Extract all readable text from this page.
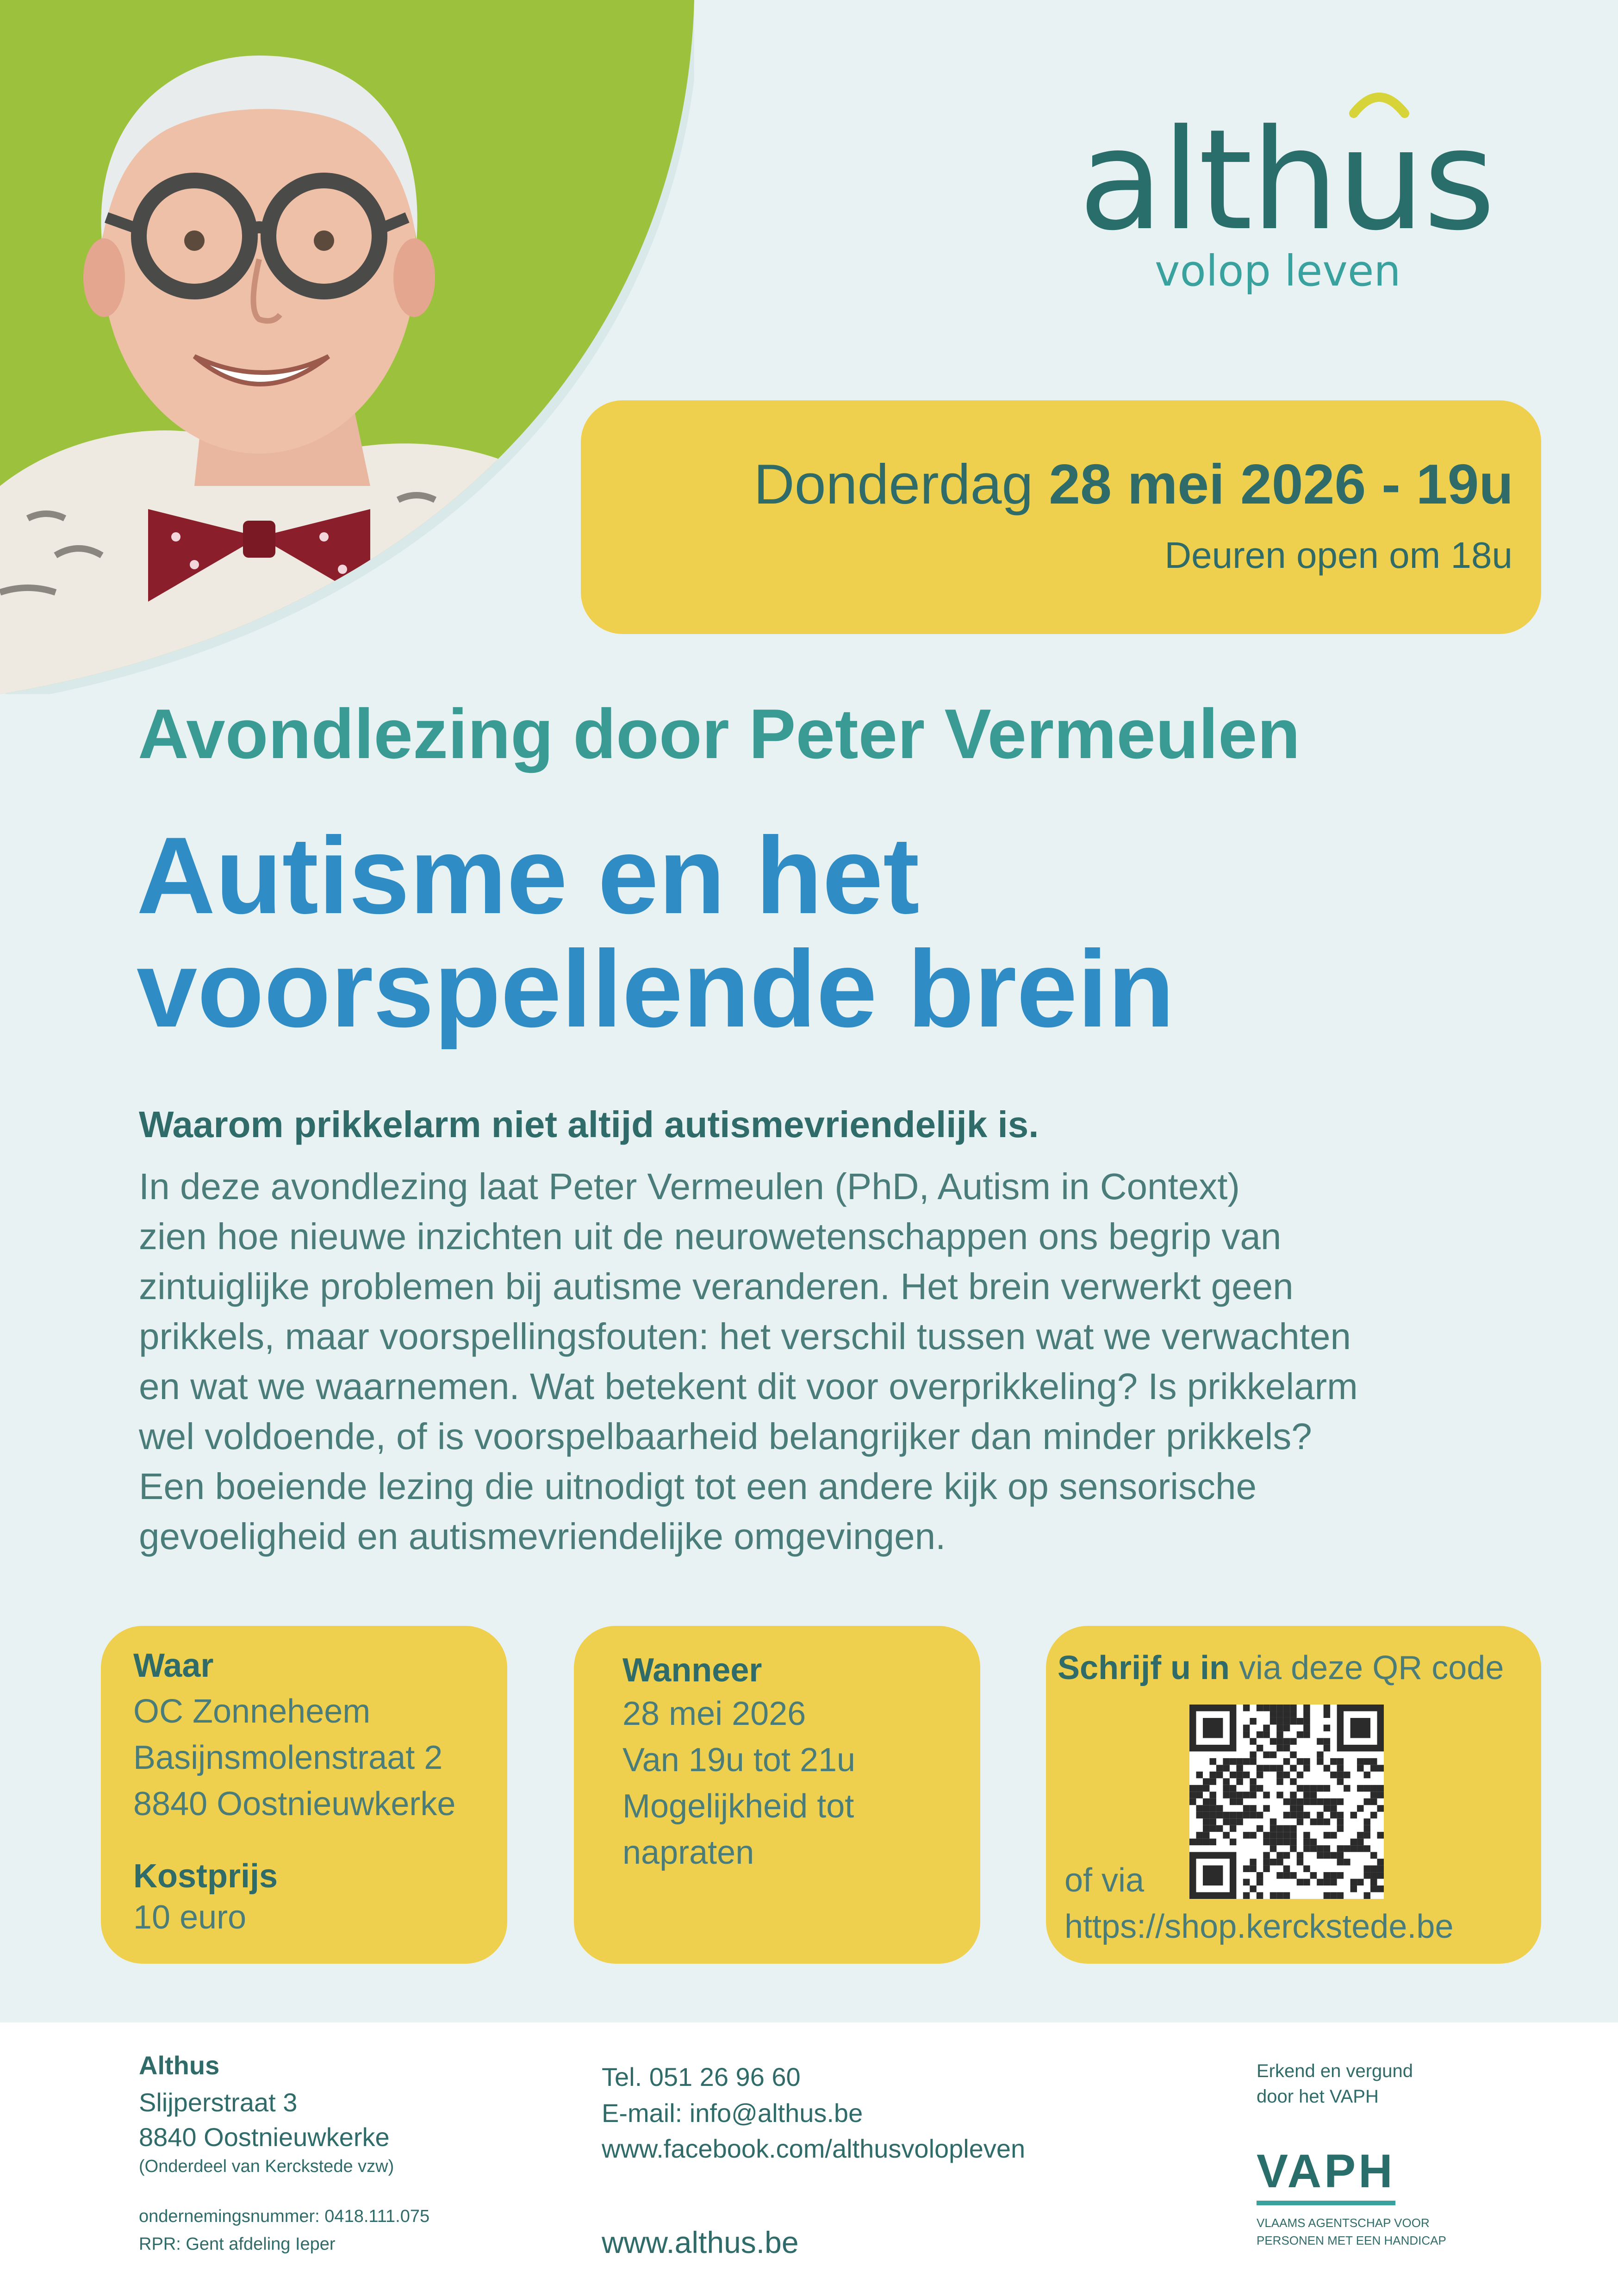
althus
volop leven
Donderdag 28 mei 2026 - 19u
Deuren open om 18u
Avondlezing door Peter Vermeulen
Autisme en het
voorspellende brein
Waarom prikkelarm niet altijd autismevriendelijk is.
In deze avondlezing laat Peter Vermeulen (PhD, Autism in Context)
zien hoe nieuwe inzichten uit de neurowetenschappen ons begrip van
zintuiglijke problemen bij autisme veranderen. Het brein verwerkt geen
prikkels, maar voorspellingsfouten: het verschil tussen wat we verwachten
en wat we waarnemen. Wat betekent dit voor overprikkeling? Is prikkelarm
wel voldoende, of is voorspelbaarheid belangrijker dan minder prikkels?
Een boeiende lezing die uitnodigt tot een andere kijk op sensorische
gevoeligheid en autismevriendelijke omgevingen.
Waar
OC Zonneheem
Basijnsmolenstraat 2
8840 Oostnieuwkerke
Kostprijs
10 euro
Wanneer
28 mei 2026
Van 19u tot 21u
Mogelijkheid tot
napraten
Schrijf u in via deze QR code
of via
https://shop.kerckstede.be
Althus
Slijperstraat 3
8840 Oostnieuwkerke
(Onderdeel van Kerckstede vzw)
ondernemingsnummer: 0418.111.075
RPR: Gent afdeling Ieper
Tel. 051 26 96 60
E-mail: info@althus.be
www.facebook.com/althusvolopleven
www.althus.be
Erkend en vergund
door het VAPH
VAPH
VLAAMS AGENTSCHAP VOOR
PERSONEN MET EEN HANDICAP
